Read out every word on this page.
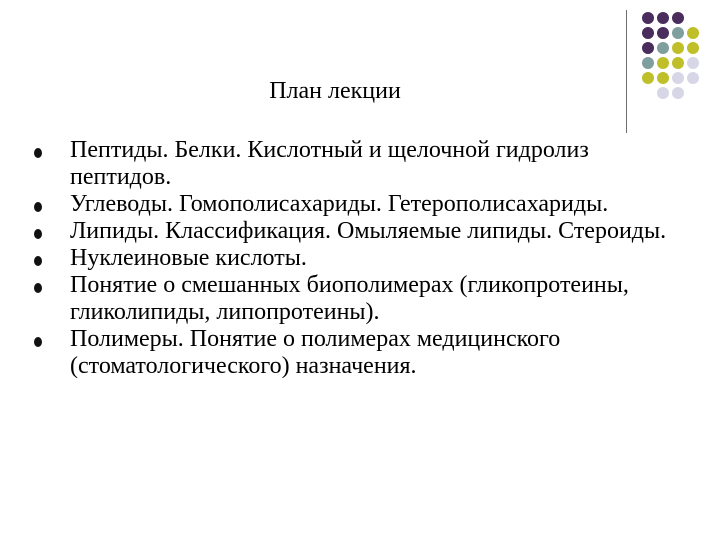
План лекции
Пептиды. Белки. Кислотный и щелочной гидролиз пептидов.
Углеводы. Гомополисахариды. Гетерополисахариды.
Липиды. Классификация. Омыляемые липиды. Стероиды.
Нуклеиновые кислоты.
Понятие о смешанных биополимерах (гликопротеины, гликолипиды, липопротеины).
Полимеры. Понятие о полимерах медицинского (стоматологического) назначения.
